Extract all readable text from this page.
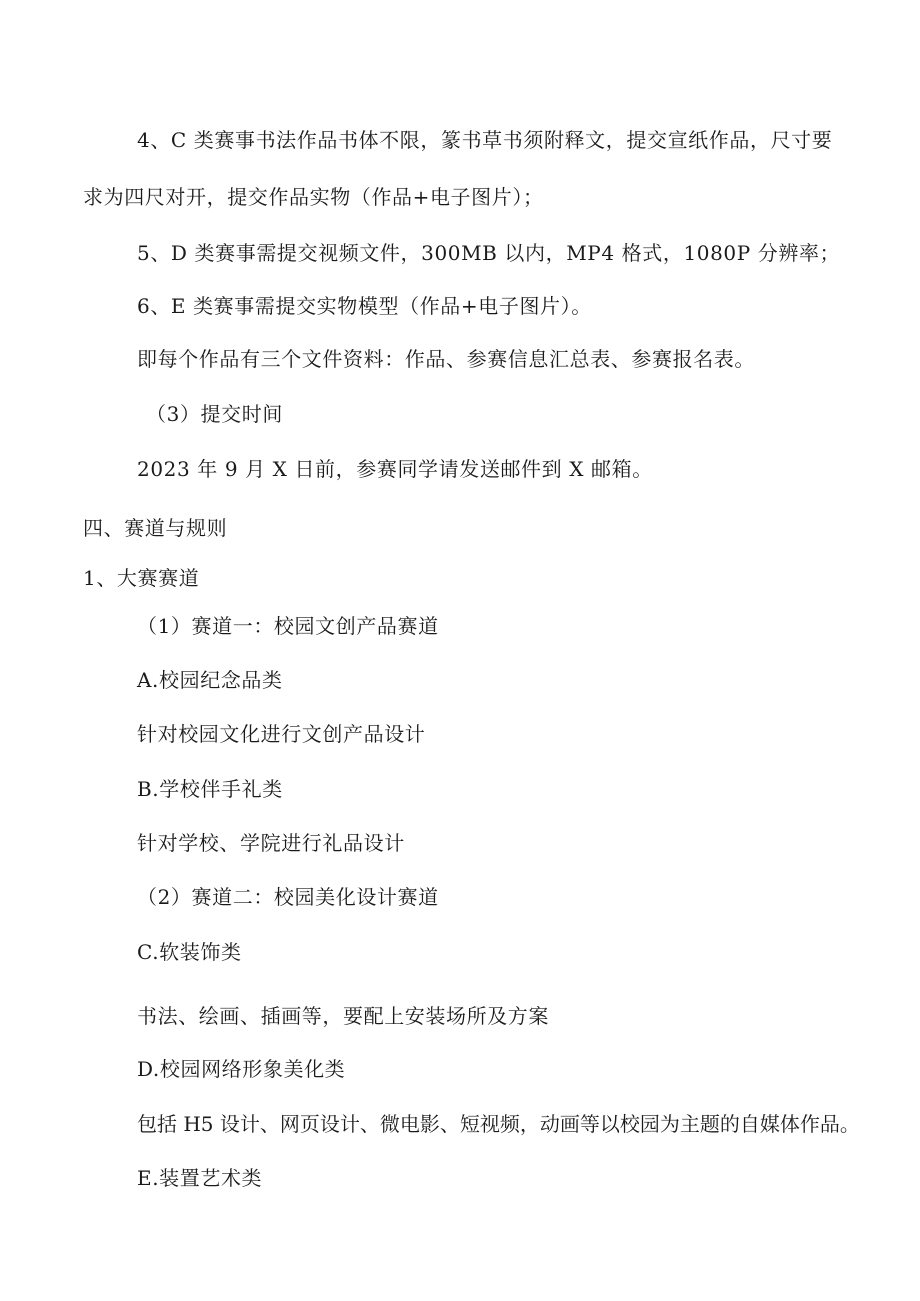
4、C 类赛事书法作品书体不限，篆书草书须附释文，提交宣纸作品，尺寸要
求为四尺对开，提交作品实物（作品+电子图片）；
5、D 类赛事需提交视频文件，300MB 以内，MP4 格式，1080P 分辨率；
6、E 类赛事需提交实物模型（作品+电子图片）。
即每个作品有三个文件资料：作品、参赛信息汇总表、参赛报名表。
（3）提交时间
2023 年 9 月 X 日前，参赛同学请发送邮件到 X 邮箱。
四、赛道与规则
1、大赛赛道
（1）赛道一：校园文创产品赛道
A.校园纪念品类
针对校园文化进行文创产品设计
B.学校伴手礼类
针对学校、学院进行礼品设计
（2）赛道二：校园美化设计赛道
C.软装饰类
书法、绘画、插画等，要配上安装场所及方案
D.校园网络形象美化类
包括 H5 设计、网页设计、微电影、短视频，动画等以校园为主题的自媒体作品。
E.装置艺术类
